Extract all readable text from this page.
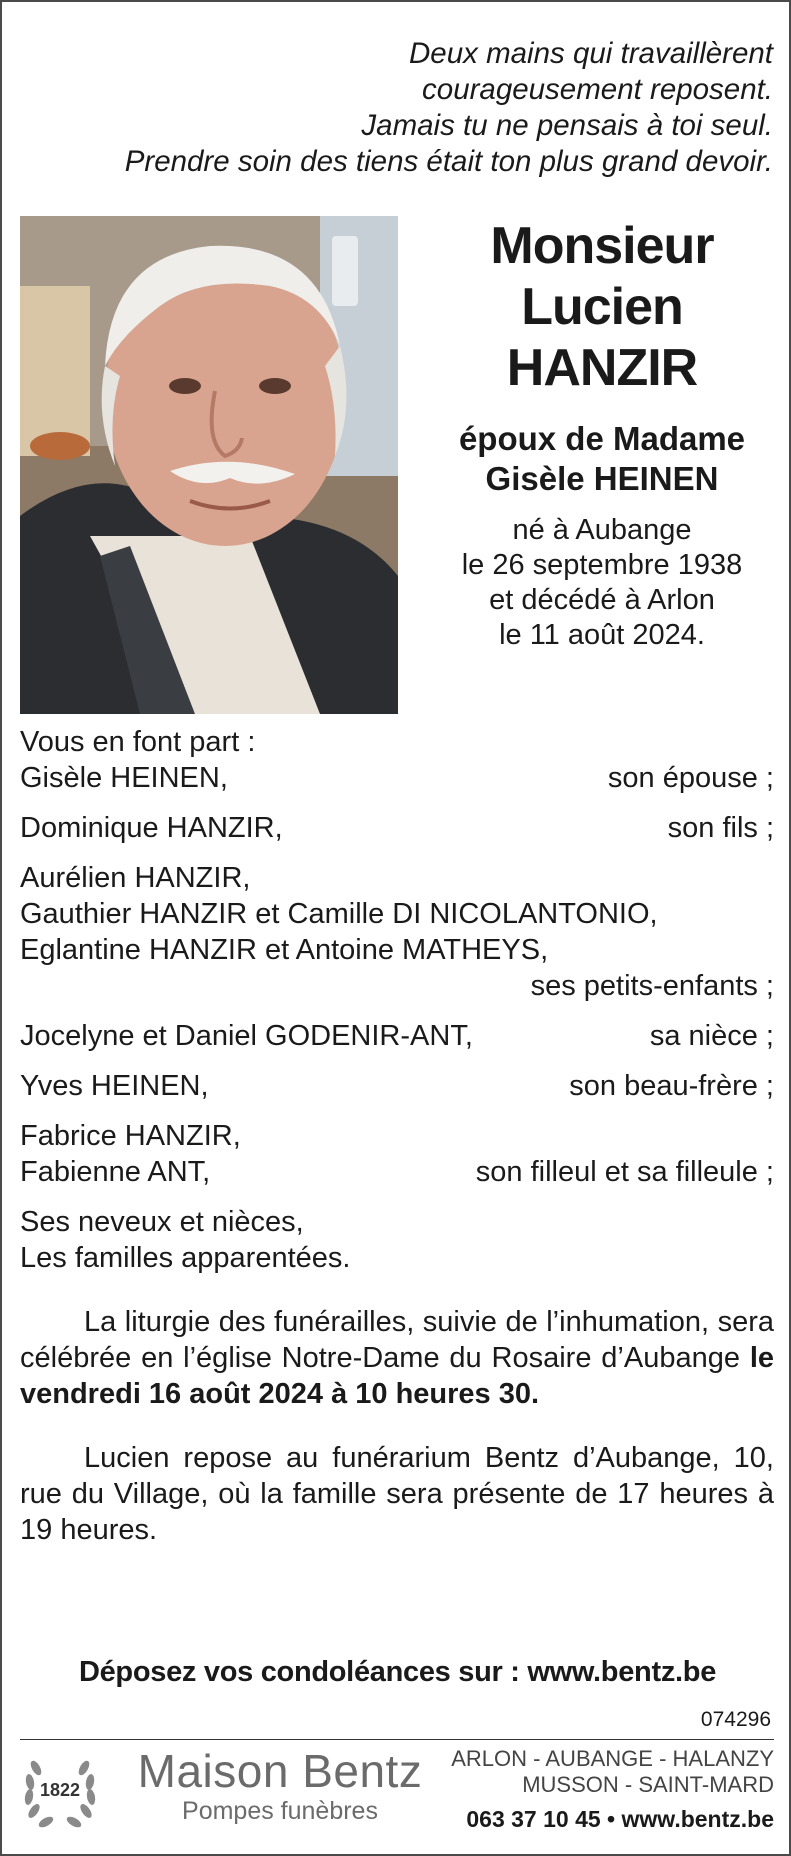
Deux mains qui travaillèrent
courageusement reposent.
Jamais tu ne pensais à toi seul.
Prendre soin des tiens était ton plus grand devoir.
Monsieur
Lucien
HANZIR
époux de Madame
Gisèle HEINEN
né à Aubange
le 26 septembre 1938
et décédé à Arlon
le 11 août 2024.
Vous en font part :
Gisèle HEINEN,	son épouse ;
Dominique HANZIR,	son fils ;
Aurélien HANZIR,
Gauthier HANZIR et Camille DI NICOLANTONIO,
Eglantine HANZIR et Antoine MATHEYS,
ses petits-enfants ;
Jocelyne et Daniel GODENIR-ANT,	sa nièce ;
Yves HEINEN,	son beau-frère ;
Fabrice HANZIR,
Fabienne ANT,	son filleul et sa filleule ;
Ses neveux et nièces,
Les familles apparentées.
La liturgie des funérailles, suivie de l’inhumation, sera célébrée en l’église Notre-Dame du Rosaire d’Aubange le vendredi 16 août 2024 à 10 heures 30.
Lucien repose au funérarium Bentz d’Aubange, 10, rue du Village, où la famille sera présente de 17 heures à 19 heures.
Déposez vos condoléances sur : www.bentz.be
074296
1822	Maison Bentz
Pompes funèbres
ARLON - AUBANGE - HALANZY
MUSSON - SAINT-MARD
063 37 10 45 • www.bentz.be
